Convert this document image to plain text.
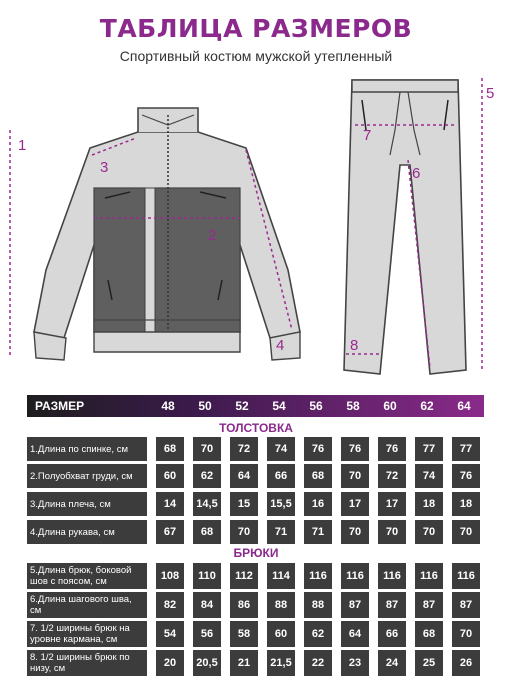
ТАБЛИЦА РАЗМЕРОВ
Спортивный костюм мужской утепленный
1
2
3
4
5
6
7
8
РАЗМЕР	48	50	52	54	56	58	60	62	64
ТОЛСТОВКА
БРЮКИ
1.Длина по спинке, см	68	70	72	74	76	76	76	77	77
2.Полуобхват груди, см	60	62	64	66	68	70	72	74	76
3.Длина плеча, см	14	14,5	15	15,5	16	17	17	18	18
4.Длина рукава, см	67	68	70	71	71	70	70	70	70
5.Длина брюк, боковой шов с поясом, см	108	110	112	114	116	116	116	116	116
6.Длина шагового шва, см	82	84	86	88	88	87	87	87	87
7. 1/2 ширины брюк на уровне кармана, см	54	56	58	60	62	64	66	68	70
8. 1/2 ширины брюк по низу, см	20	20,5	21	21,5	22	23	24	25	26
